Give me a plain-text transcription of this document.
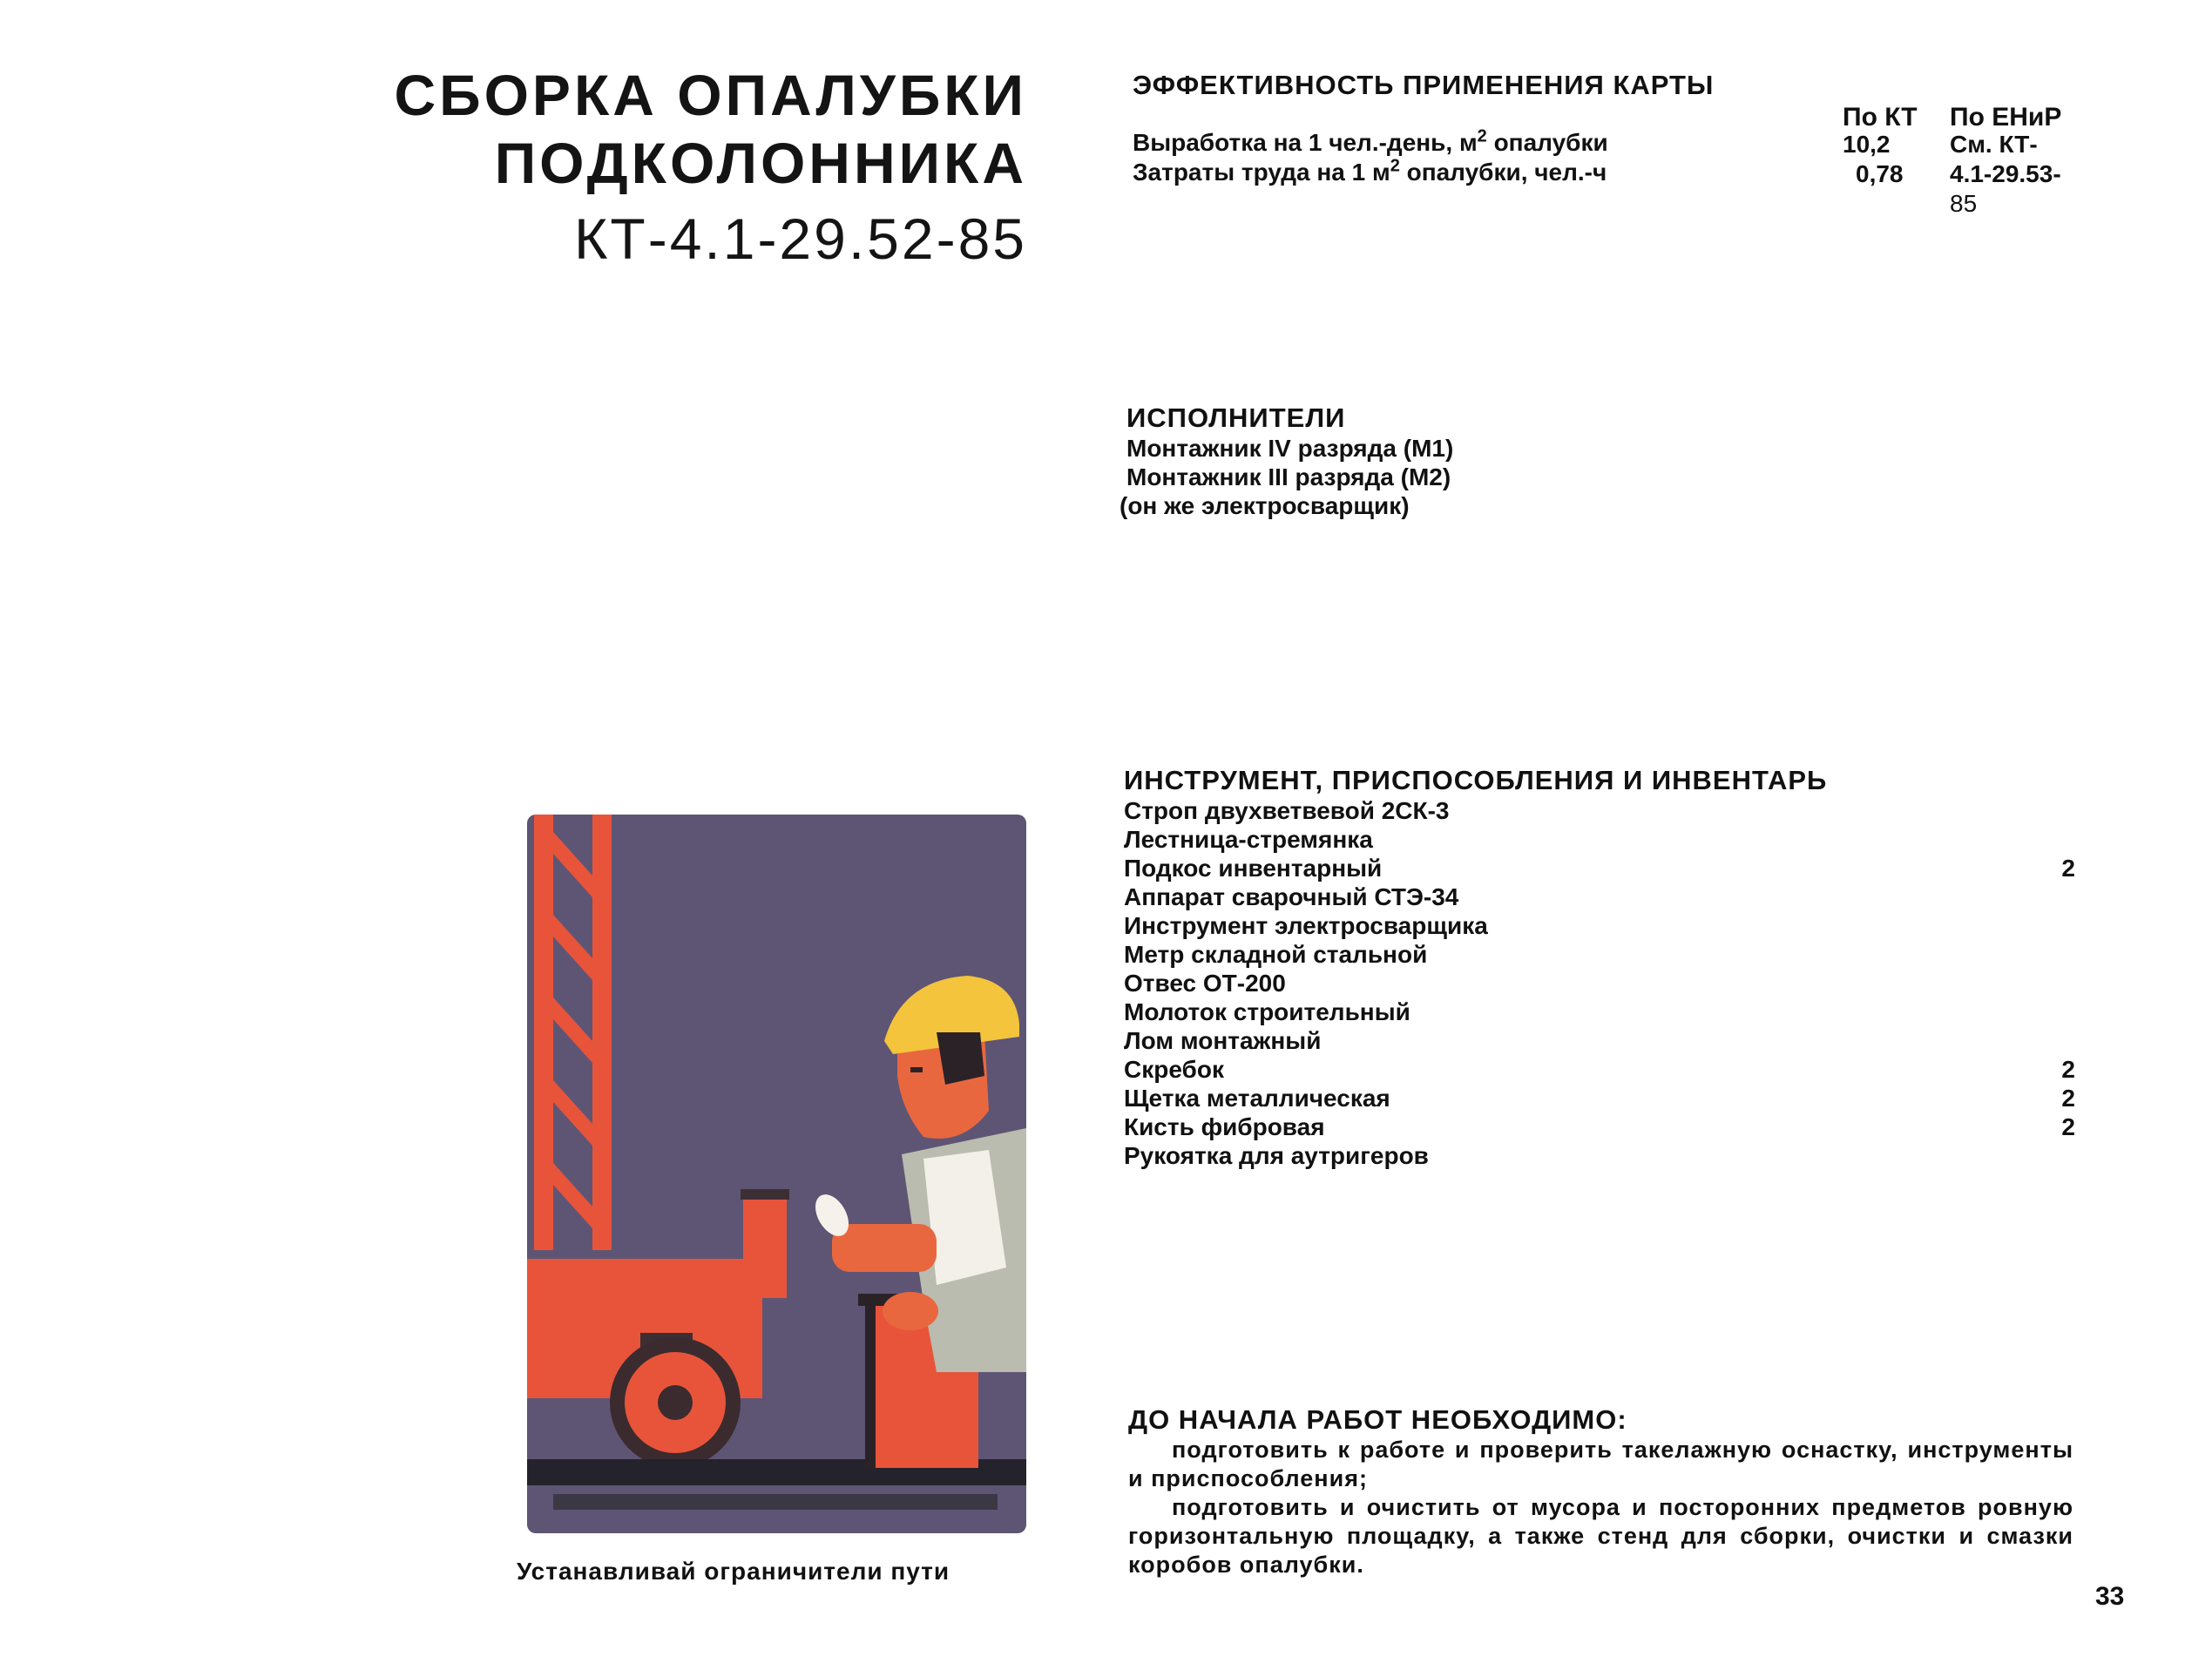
СБОРКА ОПАЛУБКИ
ПОДКОЛОННИКА
КТ-4.1-29.52-85
ЭФФЕКТИВНОСТЬ ПРИМЕНЕНИЯ КАРТЫ
По КТ По ЕНиР
Выработка на 1 чел.-день, $м^2$ опалубки	10,2 См. КТ-
Затраты труда на 1 $м^2$ опалубки, чел.-ч	0,78 4.1-29.53-
85
ИСПОЛНИТЕЛИ
Монтажник IV разряда (М1)
Монтажник III разряда (М2)
(он же электросварщик)
ИНСТРУМЕНТ, ПРИСПОСОБЛЕНИЯ И ИНВЕНТАРЬ
Строп двухветвевой 2СК-3
Лестница-стремянка
Подкос инвентарный	2
Аппарат сварочный СТЭ-34
Инструмент электросварщика
Метр складной стальной
Отвес ОТ-200
Молоток строительный
Лом монтажный
Скребок	2
Щетка металлическая	2
Кисть фибровая	2
Рукоятка для аутригеров
ДО НАЧАЛА РАБОТ НЕОБХОДИМО:
подготовить к работе и проверить такелажную оснастку, инструменты и приспособления;
подготовить и очистить от мусора и посторонних предметов ровную горизонтальную площадку, а также стенд для сборки, очистки и смазки коробов опалубки.
Устанавливай ограничители пути
33
